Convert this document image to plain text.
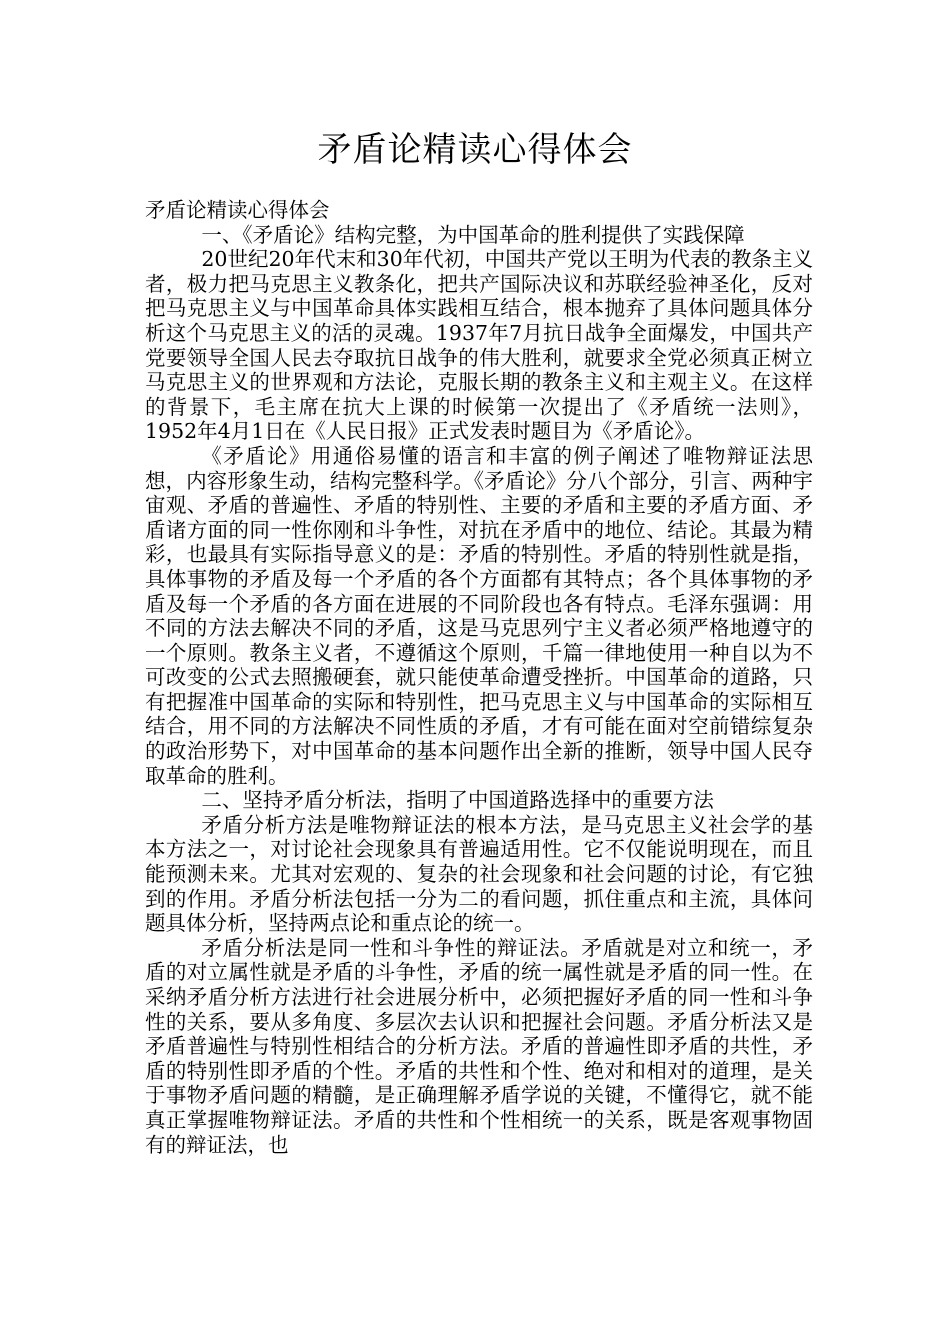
矛盾论精读心得体会

矛盾论精读心得体会

一、《矛盾论》结构完整，为中国革命的胜利提供了实践保障

20世纪20年代末和30年代初，中国共产党以王明为代表的教条主义者，极力把马克思主义教条化，把共产国际决议和苏联经验神圣化，反对把马克思主义与中国革命具体实践相互结合，根本抛弃了具体问题具体分析这个马克思主义的活的灵魂。1937年7月抗日战争全面爆发，中国共产党要领导全国人民去夺取抗日战争的伟大胜利，就要求全党必须真正树立马克思主义的世界观和方法论，克服长期的教条主义和主观主义。在这样的背景下，毛主席在抗大上课的时候第一次提出了《矛盾统一法则》，1952年4月1日在《人民日报》正式发表时题目为《矛盾论》。

《矛盾论》用通俗易懂的语言和丰富的例子阐述了唯物辩证法思想，内容形象生动，结构完整科学。《矛盾论》分八个部分，引言、两种宇宙观、矛盾的普遍性、矛盾的特别性、主要的矛盾和主要的矛盾方面、矛盾诸方面的同一性你刚和斗争性，对抗在矛盾中的地位、结论。其最为精彩，也最具有实际指导意义的是：矛盾的特别性。矛盾的特别性就是指，具体事物的矛盾及每一个矛盾的各个方面都有其特点；各个具体事物的矛盾及每一个矛盾的各方面在进展的不同阶段也各有特点。毛泽东强调：用不同的方法去解决不同的矛盾，这是马克思列宁主义者必须严格地遵守的一个原则。教条主义者，不遵循这个原则，千篇一律地使用一种自以为不可改变的公式去照搬硬套，就只能使革命遭受挫折。中国革命的道路，只有把握准中国革命的实际和特别性，把马克思主义与中国革命的实际相互结合，用不同的方法解决不同性质的矛盾，才有可能在面对空前错综复杂的政治形势下，对中国革命的基本问题作出全新的推断，领导中国人民夺取革命的胜利。

二、坚持矛盾分析法，指明了中国道路选择中的重要方法

矛盾分析方法是唯物辩证法的根本方法，是马克思主义社会学的基本方法之一，对讨论社会现象具有普遍适用性。它不仅能说明现在，而且能预测未来。尤其对宏观的、复杂的社会现象和社会问题的讨论，有它独到的作用。矛盾分析法包括一分为二的看问题，抓住重点和主流，具体问题具体分析，坚持两点论和重点论的统一。

矛盾分析法是同一性和斗争性的辩证法。矛盾就是对立和统一，矛盾的对立属性就是矛盾的斗争性，矛盾的统一属性就是矛盾的同一性。在采纳矛盾分析方法进行社会进展分析中，必须把握好矛盾的同一性和斗争性的关系，要从多角度、多层次去认识和把握社会问题。矛盾分析法又是矛盾普遍性与特别性相结合的分析方法。矛盾的普遍性即矛盾的共性，矛盾的特别性即矛盾的个性。矛盾的共性和个性、绝对和相对的道理，是关于事物矛盾问题的精髓，是正确理解矛盾学说的关键，不懂得它，就不能真正掌握唯物辩证法。矛盾的共性和个性相统一的关系，既是客观事物固有的辩证法，也
